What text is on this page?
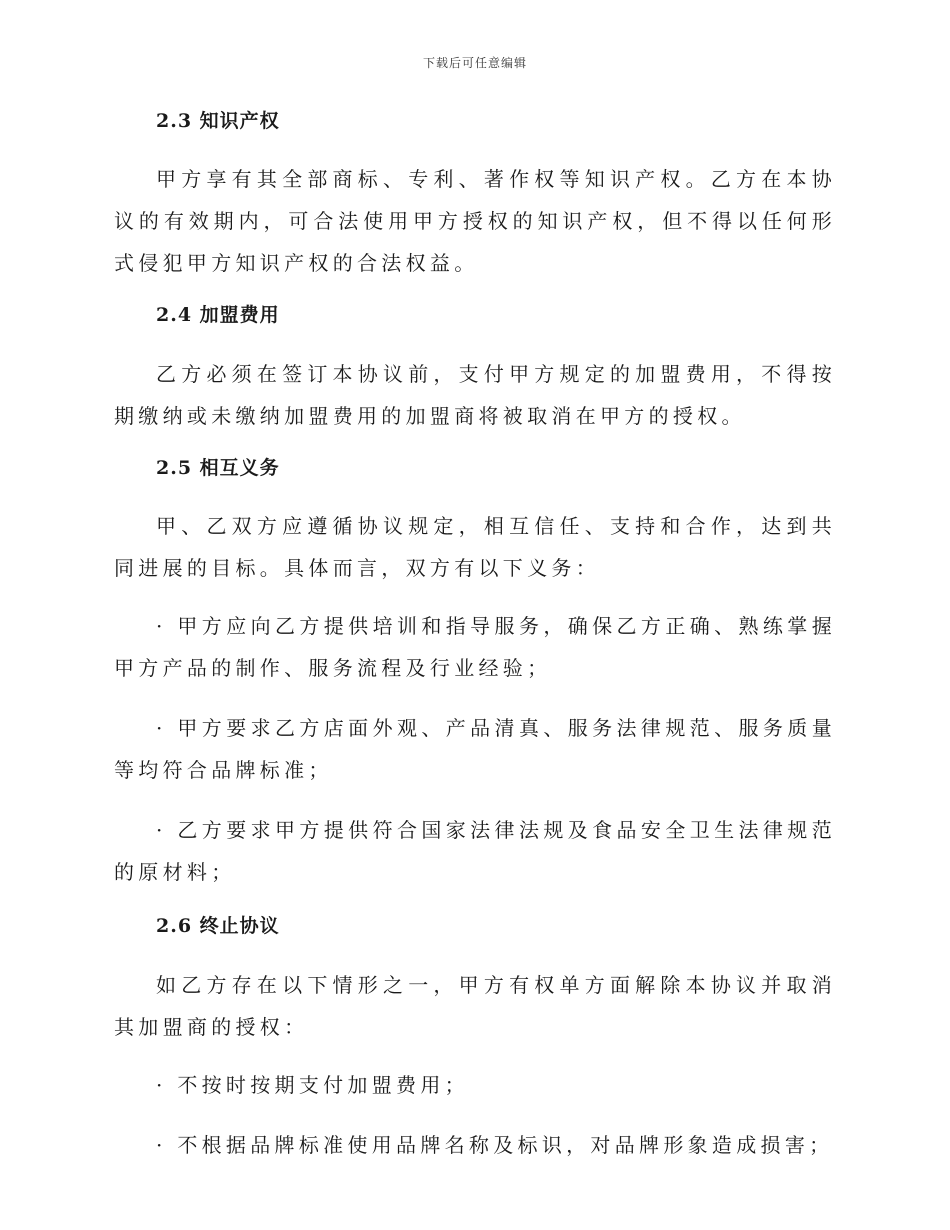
下载后可任意编辑
2.3 知识产权

甲方享有其全部商标、专利、著作权等知识产权。乙方在本协议的有效期内，可合法使用甲方授权的知识产权，但不得以任何形式侵犯甲方知识产权的合法权益。

2.4 加盟费用

乙方必须在签订本协议前，支付甲方规定的加盟费用，不得按期缴纳或未缴纳加盟费用的加盟商将被取消在甲方的授权。

2.5 相互义务

甲、乙双方应遵循协议规定，相互信任、支持和合作，达到共同进展的目标。具体而言，双方有以下义务：

· 甲方应向乙方提供培训和指导服务，确保乙方正确、熟练掌握甲方产品的制作、服务流程及行业经验；

· 甲方要求乙方店面外观、产品清真、服务法律规范、服务质量等均符合品牌标准；

· 乙方要求甲方提供符合国家法律法规及食品安全卫生法律规范的原材料；

2.6 终止协议

如乙方存在以下情形之一，甲方有权单方面解除本协议并取消其加盟商的授权：

· 不按时按期支付加盟费用；

· 不根据品牌标准使用品牌名称及标识，对品牌形象造成损害；
